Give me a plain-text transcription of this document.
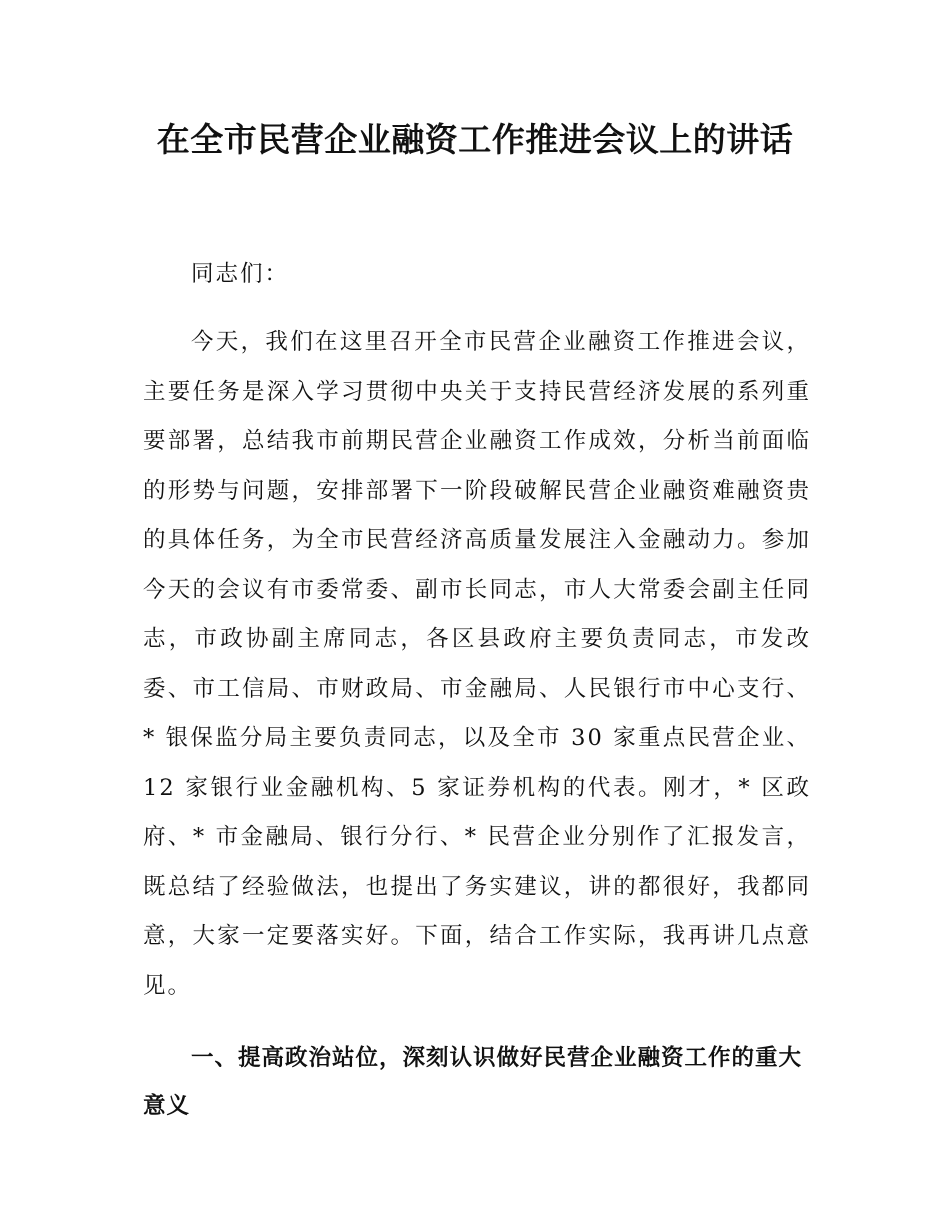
在全市民营企业融资工作推进会议上的讲话

同志们：

今天，我们在这里召开全市民营企业融资工作推进会议，主要任务是深入学习贯彻中央关于支持民营经济发展的系列重要部署，总结我市前期民营企业融资工作成效，分析当前面临的形势与问题，安排部署下一阶段破解民营企业融资难融资贵的具体任务，为全市民营经济高质量发展注入金融动力。参加今天的会议有市委常委、副市长同志，市人大常委会副主任同志，市政协副主席同志，各区县政府主要负责同志，市发改委、市工信局、市财政局、市金融局、人民银行市中心支行、* 银保监分局主要负责同志，以及全市 30 家重点民营企业、12 家银行业金融机构、5 家证券机构的代表。刚才，* 区政府、* 市金融局、银行分行、* 民营企业分别作了汇报发言，既总结了经验做法，也提出了务实建议，讲的都很好，我都同意，大家一定要落实好。下面，结合工作实际，我再讲几点意见。

一、提高政治站位，深刻认识做好民营企业融资工作的重大意义
